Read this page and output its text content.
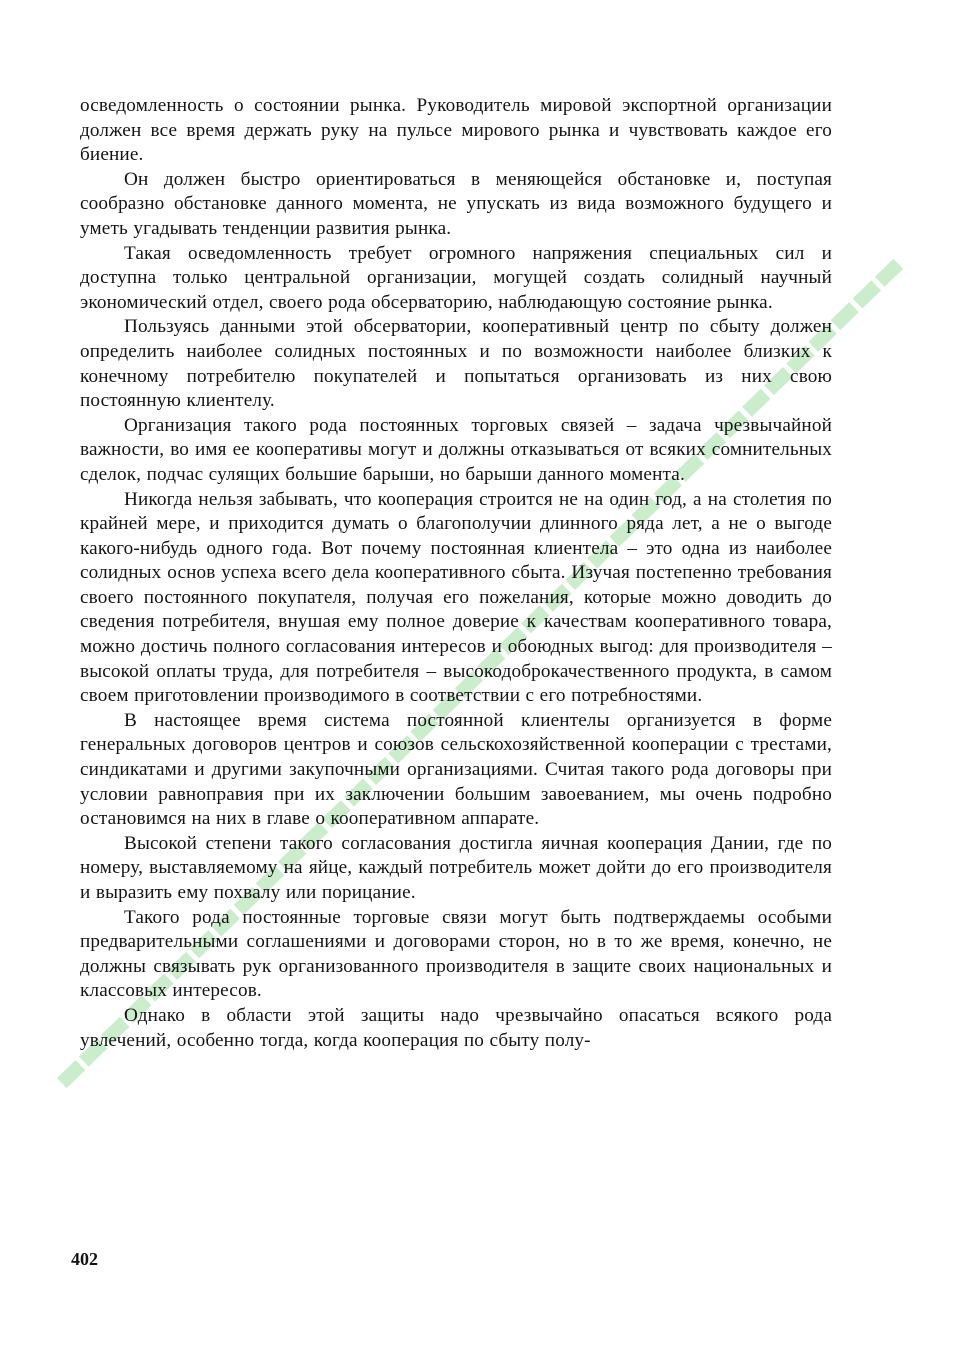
осведомленность о состоянии рынка. Руководитель мировой экспортной организации должен все время держать руку на пульсе мирового рынка и чувствовать каждое его биение.

Он должен быстро ориентироваться в меняющейся обстановке и, поступая сообразно обстановке данного момента, не упускать из вида возможного будущего и уметь угадывать тенденции развития рынка.

Такая осведомленность требует огромного напряжения специальных сил и доступна только центральной организации, могущей создать солидный научный экономический отдел, своего рода обсерваторию, наблюдающую состояние рынка.

Пользуясь данными этой обсерватории, кооперативный центр по сбыту должен определить наиболее солидных постоянных и по возможности наиболее близких к конечному потребителю покупателей и попытаться организовать из них свою постоянную клиентелу.

Организация такого рода постоянных торговых связей – задача чрезвычайной важности, во имя ее кооперативы могут и должны отказываться от всяких сомнительных сделок, подчас сулящих большие барыши, но барыши данного момента.

Никогда нельзя забывать, что кооперация строится не на один год, а на столетия по крайней мере, и приходится думать о благополучии длинного ряда лет, а не о выгоде какого-нибудь одного года. Вот почему постоянная клиентела – это одна из наиболее солидных основ успеха всего дела кооперативного сбыта. Изучая постепенно требования своего постоянного покупателя, получая его пожелания, которые можно доводить до сведения потребителя, внушая ему полное доверие к качествам кооперативного товара, можно достичь полного согласования интересов и обоюдных выгод: для производителя – высокой оплаты труда, для потребителя – высокодоброкачественного продукта, в самом своем приготовлении производимого в соответствии с его потребностями.

В настоящее время система постоянной клиентелы организуется в форме генеральных договоров центров и союзов сельскохозяйственной кооперации с трестами, синдикатами и другими закупочными организациями. Считая такого рода договоры при условии равноправия при их заключении большим завоеванием, мы очень подробно остановимся на них в главе о кооперативном аппарате.

Высокой степени такого согласования достигла яичная кооперация Дании, где по номеру, выставляемому на яйце, каждый потребитель может дойти до его производителя и выразить ему похвалу или порицание.

Такого рода постоянные торговые связи могут быть подтверждаемы особыми предварительными соглашениями и договорами сторон, но в то же время, конечно, не должны связывать рук организованного производителя в защите своих национальных и классовых интересов.

Однако в области этой защиты надо чрезвычайно опасаться всякого рода увлечений, особенно тогда, когда кооперация по сбыту полу-

402
